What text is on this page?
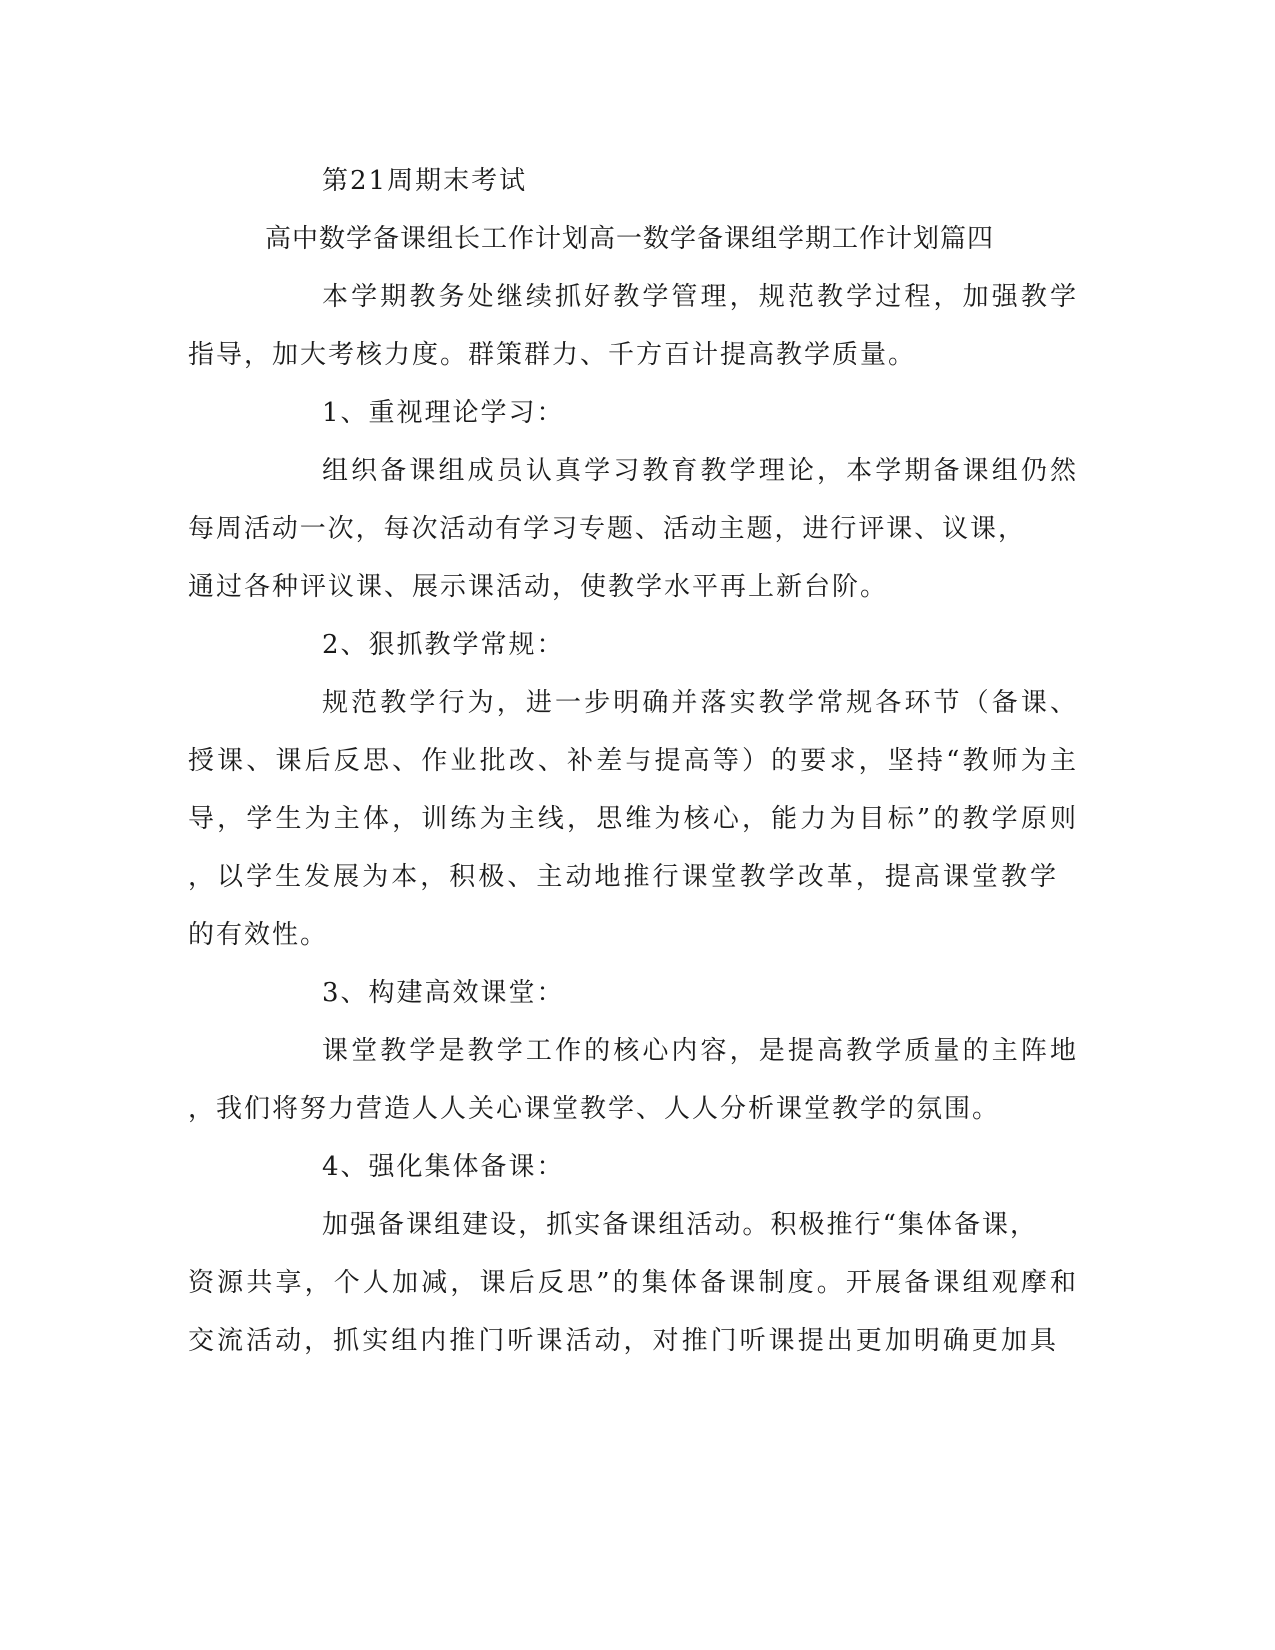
第21周期末考试
高中数学备课组长工作计划高一数学备课组学期工作计划篇四
本学期教务处继续抓好教学管理，规范教学过程，加强教学
指导，加大考核力度。群策群力、千方百计提高教学质量。
1、重视理论学习：
组织备课组成员认真学习教育教学理论，本学期备课组仍然
每周活动一次，每次活动有学习专题、活动主题，进行评课、议课，
通过各种评议课、展示课活动，使教学水平再上新台阶。
2、狠抓教学常规：
规范教学行为，进一步明确并落实教学常规各环节（备课、
授课、课后反思、作业批改、补差与提高等）的要求，坚持“教师为主
导，学生为主体，训练为主线，思维为核心，能力为目标”的教学原则
，以学生发展为本，积极、主动地推行课堂教学改革，提高课堂教学
的有效性。
3、构建高效课堂：
课堂教学是教学工作的核心内容，是提高教学质量的主阵地
，我们将努力营造人人关心课堂教学、人人分析课堂教学的氛围。
4、强化集体备课：
加强备课组建设，抓实备课组活动。积极推行“集体备课，
资源共享，个人加减，课后反思”的集体备课制度。开展备课组观摩和
交流活动，抓实组内推门听课活动，对推门听课提出更加明确更加具
